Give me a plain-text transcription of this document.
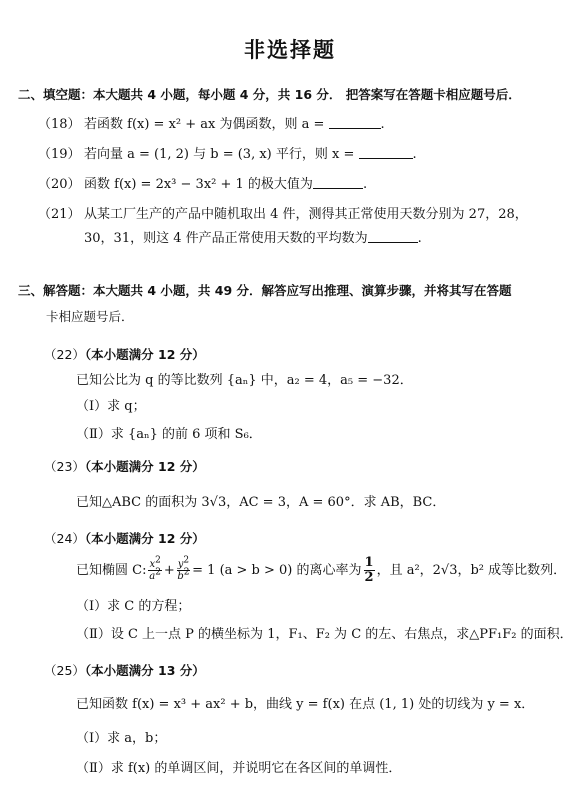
非选择题
二、填空题：本大题共 4 小题，每小题 4 分，共 16 分． 把答案写在答题卡相应题号后．
（18） 若函数 f(x) = x² + ax 为偶函数，则 a =	.
（19） 若向量 a = (1, 2) 与 b = (3, x) 平行，则 x =	.
（20） 函数 f(x) = 2x³ − 3x² + 1 的极大值为	.
（21） 从某工厂生产的产品中随机取出 4 件，测得其正常使用天数分别为 27，28，
30，31，则这 4 件产品正常使用天数的平均数为	.
三、解答题：本大题共 4 小题，共 49 分．解答应写出推理、演算步骤，并将其写在答题
卡相应题号后．
（22）（本小题满分 12 分）
已知公比为 q 的等比数列 {aₙ} 中，a₂ = 4，a₅ = −32．
（Ⅰ）求 q；
（Ⅱ）求 {aₙ} 的前 6 项和 S₆．
（23）（本小题满分 12 分）
已知△ABC 的面积为 3√3，AC = 3，A = 60°．求 AB，BC．
（24）（本小题满分 12 分）
已知椭圆 C: $\frac{x^2}{a^2} + \frac{y^2}{b^2} = 1$ (a > b > 0) 的离心率为 $\frac{1}{2}$ ，且 a²，2√3，b² 成等比数列．
（Ⅰ）求 C 的方程；
（Ⅱ）设 C 上一点 P 的横坐标为 1，F₁、F₂ 为 C 的左、右焦点，求△PF₁F₂ 的面积．
（25）（本小题满分 13 分）
已知函数 f(x) = x³ + ax² + b，曲线 y = f(x) 在点 (1, 1) 处的切线为 y = x．
（Ⅰ）求 a，b；
（Ⅱ）求 f(x) 的单调区间，并说明它在各区间的单调性．
